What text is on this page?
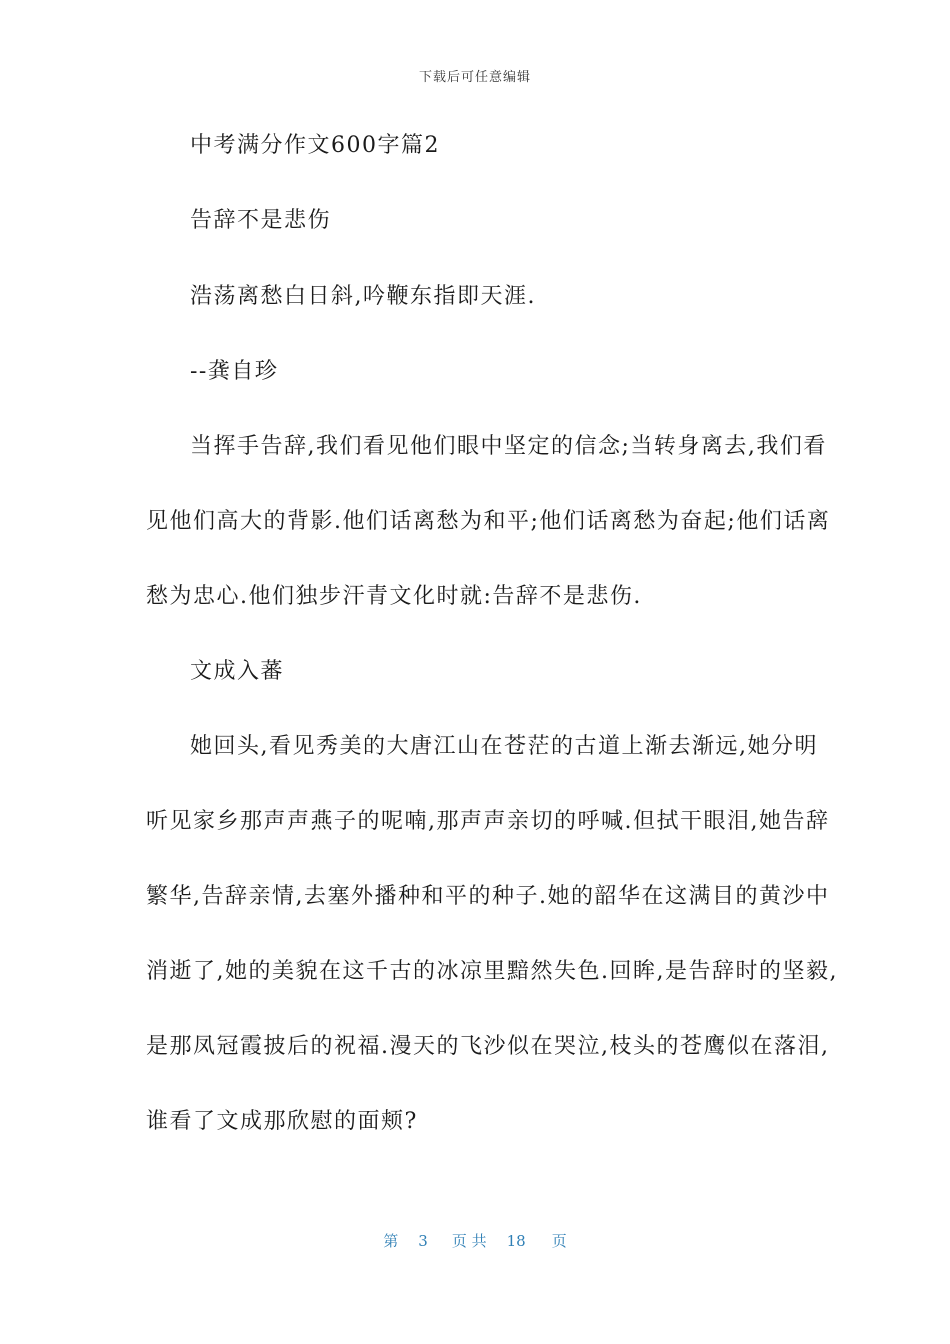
下载后可任意编辑
中考满分作文600字篇2
告辞不是悲伤
浩荡离愁白日斜,吟鞭东指即天涯.
--龚自珍
当挥手告辞,我们看见他们眼中坚定的信念;当转身离去,我们看
见他们高大的背影.他们话离愁为和平;他们话离愁为奋起;他们话离
愁为忠心.他们独步汗青文化时就:告辞不是悲伤.
文成入蕃
她回头,看见秀美的大唐江山在苍茫的古道上渐去渐远,她分明
听见家乡那声声燕子的呢喃,那声声亲切的呼喊.但拭干眼泪,她告辞
繁华,告辞亲情,去塞外播种和平的种子.她的韶华在这满目的黄沙中
消逝了,她的美貌在这千古的冰凉里黯然失色.回眸,是告辞时的坚毅,
是那凤冠霞披后的祝福.漫天的飞沙似在哭泣,枝头的苍鹰似在落泪,
谁看了文成那欣慰的面颊?
第 3 页 共 18 页
